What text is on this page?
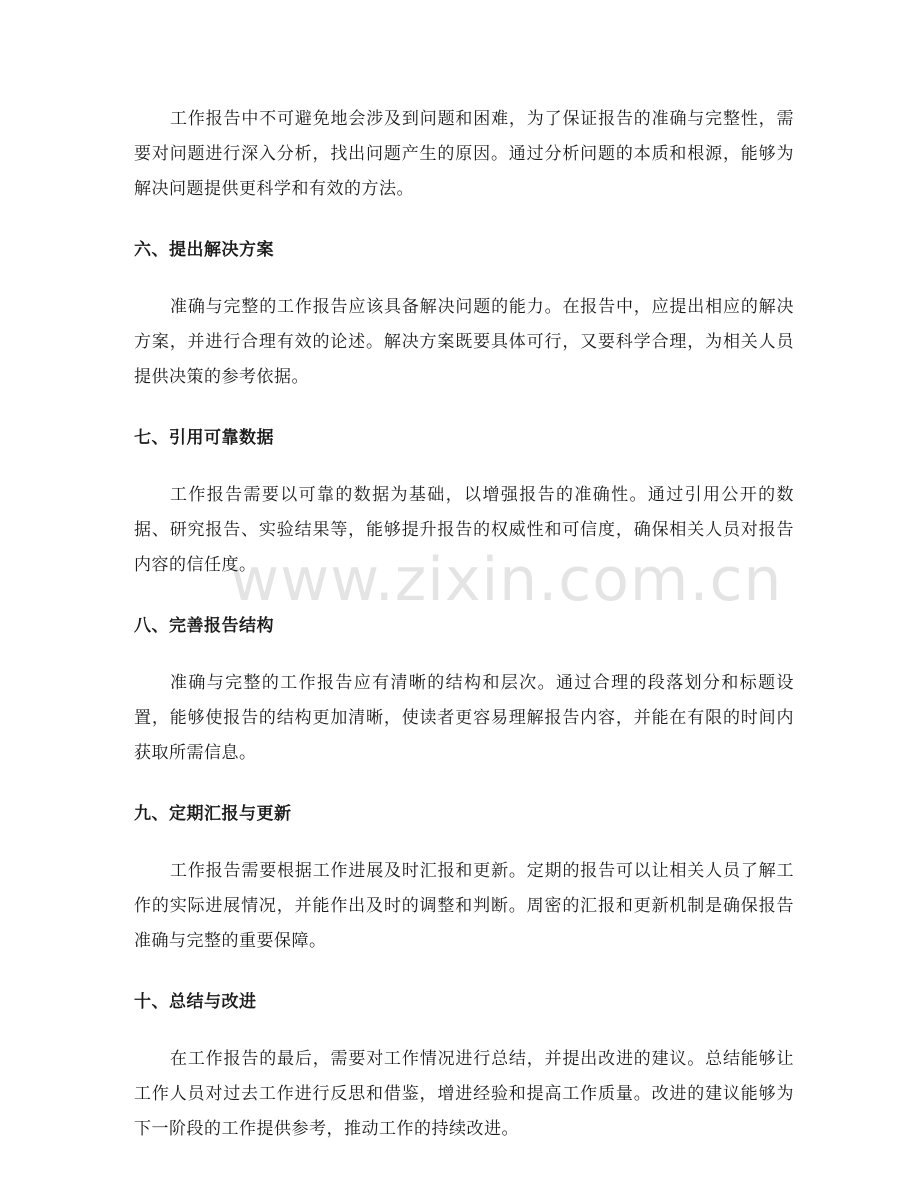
工作报告中不可避免地会涉及到问题和困难，为了保证报告的准确与完整性，需要对问题进行深入分析，找出问题产生的原因。通过分析问题的本质和根源，能够为解决问题提供更科学和有效的方法。

六、提出解决方案

准确与完整的工作报告应该具备解决问题的能力。在报告中，应提出相应的解决方案，并进行合理有效的论述。解决方案既要具体可行，又要科学合理，为相关人员提供决策的参考依据。

七、引用可靠数据

工作报告需要以可靠的数据为基础，以增强报告的准确性。通过引用公开的数据、研究报告、实验结果等，能够提升报告的权威性和可信度，确保相关人员对报告内容的信任度。

八、完善报告结构

准确与完整的工作报告应有清晰的结构和层次。通过合理的段落划分和标题设置，能够使报告的结构更加清晰，使读者更容易理解报告内容，并能在有限的时间内获取所需信息。

九、定期汇报与更新

工作报告需要根据工作进展及时汇报和更新。定期的报告可以让相关人员了解工作的实际进展情况，并能作出及时的调整和判断。周密的汇报和更新机制是确保报告准确与完整的重要保障。

十、总结与改进

在工作报告的最后，需要对工作情况进行总结，并提出改进的建议。总结能够让工作人员对过去工作进行反思和借鉴，增进经验和提高工作质量。改进的建议能够为下一阶段的工作提供参考，推动工作的持续改进。

www.zixin.com.cn
